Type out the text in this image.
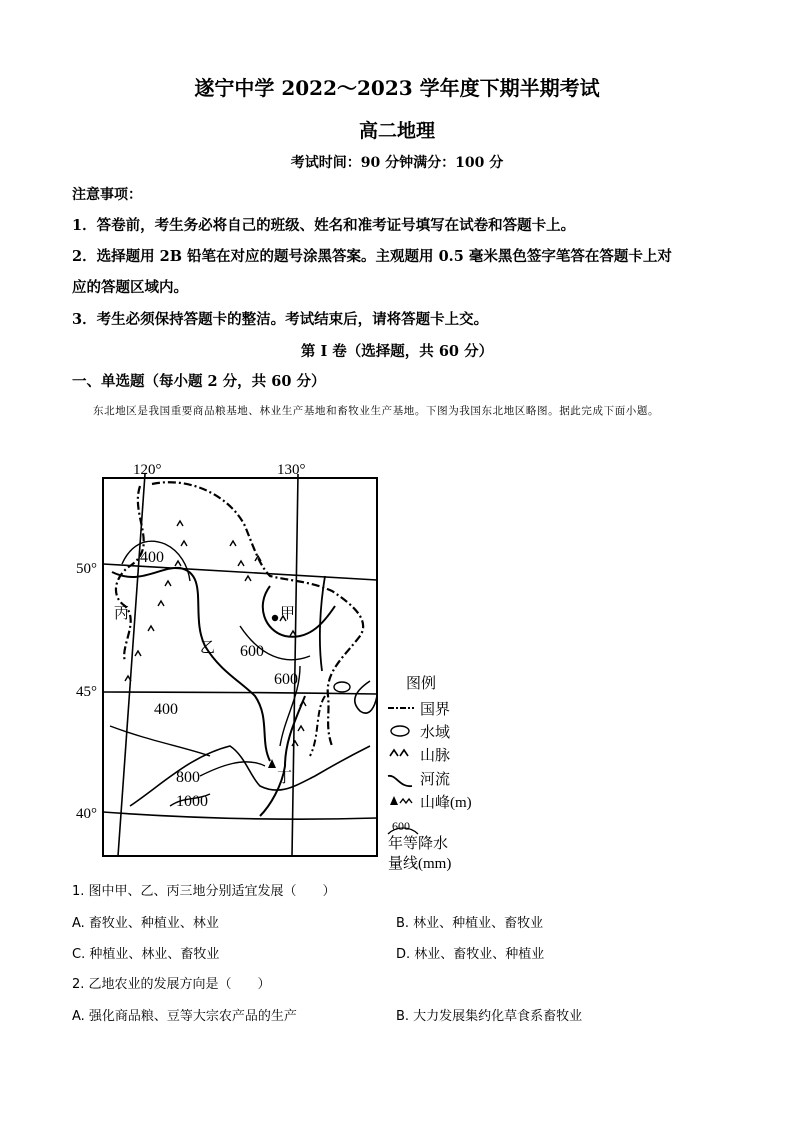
遂宁中学 2022～2023 学年度下期半期考试
高二地理
考试时间：90 分钟满分：100 分
注意事项：
1．答卷前，考生务必将自己的班级、姓名和准考证号填写在试卷和答题卡上。
2．选择题用 2B 铅笔在对应的题号涂黑答案。主观题用 0.5 毫米黑色签字笔答在答题卡上对
应的答题区域内。
3．考生必须保持答题卡的整洁。考试结束后，请将答题卡上交。
第 I 卷（选择题，共 60 分）
一、单选题（每小题 2 分，共 60 分）
东北地区是我国重要商品粮基地、林业生产基地和畜牧业生产基地。下图为我国东北地区略图。据此完成下面小题。
120°	130°
50°
45°
40°
400
600
600
400
800
1000
丙
乙
甲
丁
图例
国界
水域
山脉
河流
山峰(m)
600
年等降水
量线(mm)
1. 图中甲、乙、丙三地分别适宜发展（　　）
A. 畜牧业、种植业、林业	B. 林业、种植业、畜牧业
C. 种植业、林业、畜牧业	D. 林业、畜牧业、种植业
2. 乙地农业的发展方向是（　　）
A. 强化商品粮、豆等大宗农产品的生产	B. 大力发展集约化草食系畜牧业
